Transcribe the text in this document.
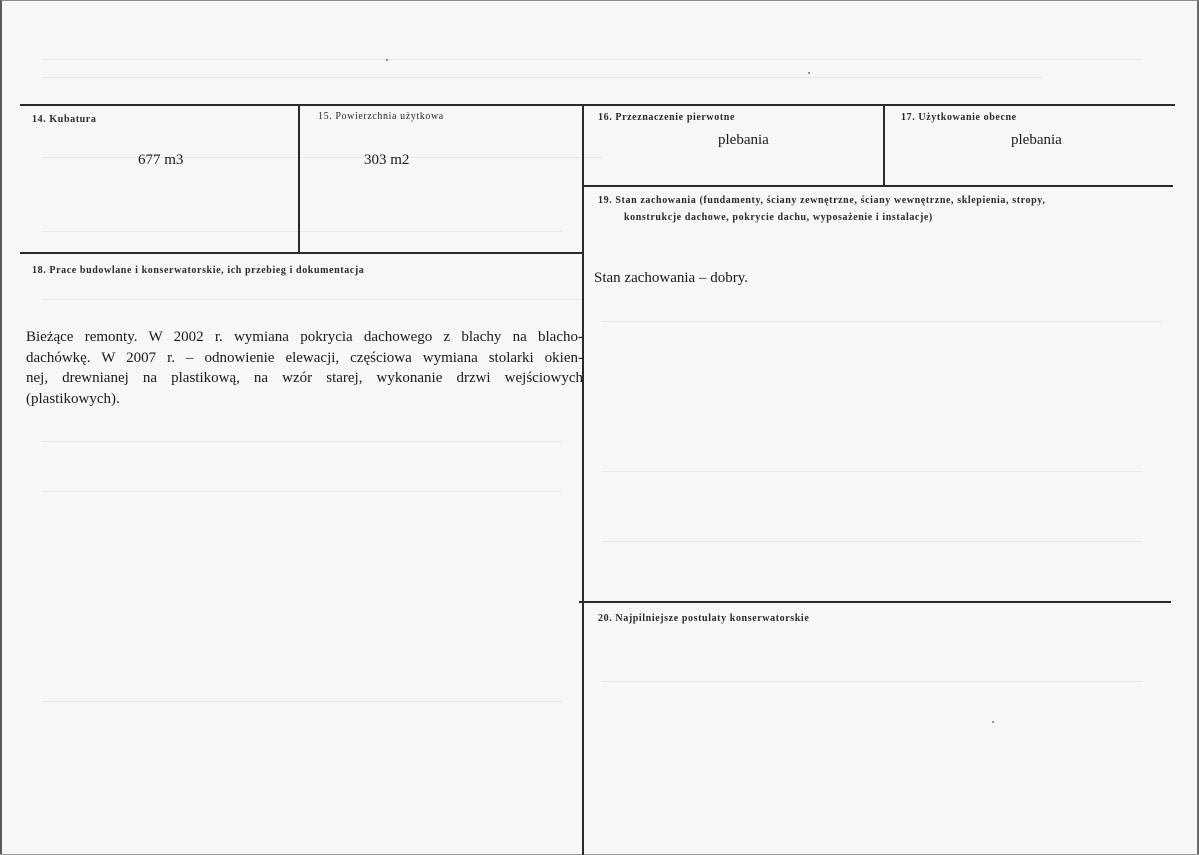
14. Kubatura
677 m3
15. Powierzchnia użytkowa
303 m2
16. Przeznaczenie pierwotne
plebania
17. Użytkowanie obecne
plebania
19. Stan zachowania (fundamenty, ściany zewnętrzne, ściany wewnętrzne, sklepienia, stropy,
konstrukcje dachowe, pokrycie dachu, wyposażenie i instalacje)
Stan zachowania – dobry.
18. Prace budowlane i konserwatorskie, ich przebieg i dokumentacja
Bieżące remonty. W 2002 r. wymiana pokrycia dachowego z blachy na blacho-
dachówkę. W 2007 r. – odnowienie elewacji, częściowa wymiana stolarki okien-
nej, drewnianej na plastikową, na wzór starej, wykonanie drzwi wejściowych
(plastikowych).
20. Najpilniejsze postulaty konserwatorskie
